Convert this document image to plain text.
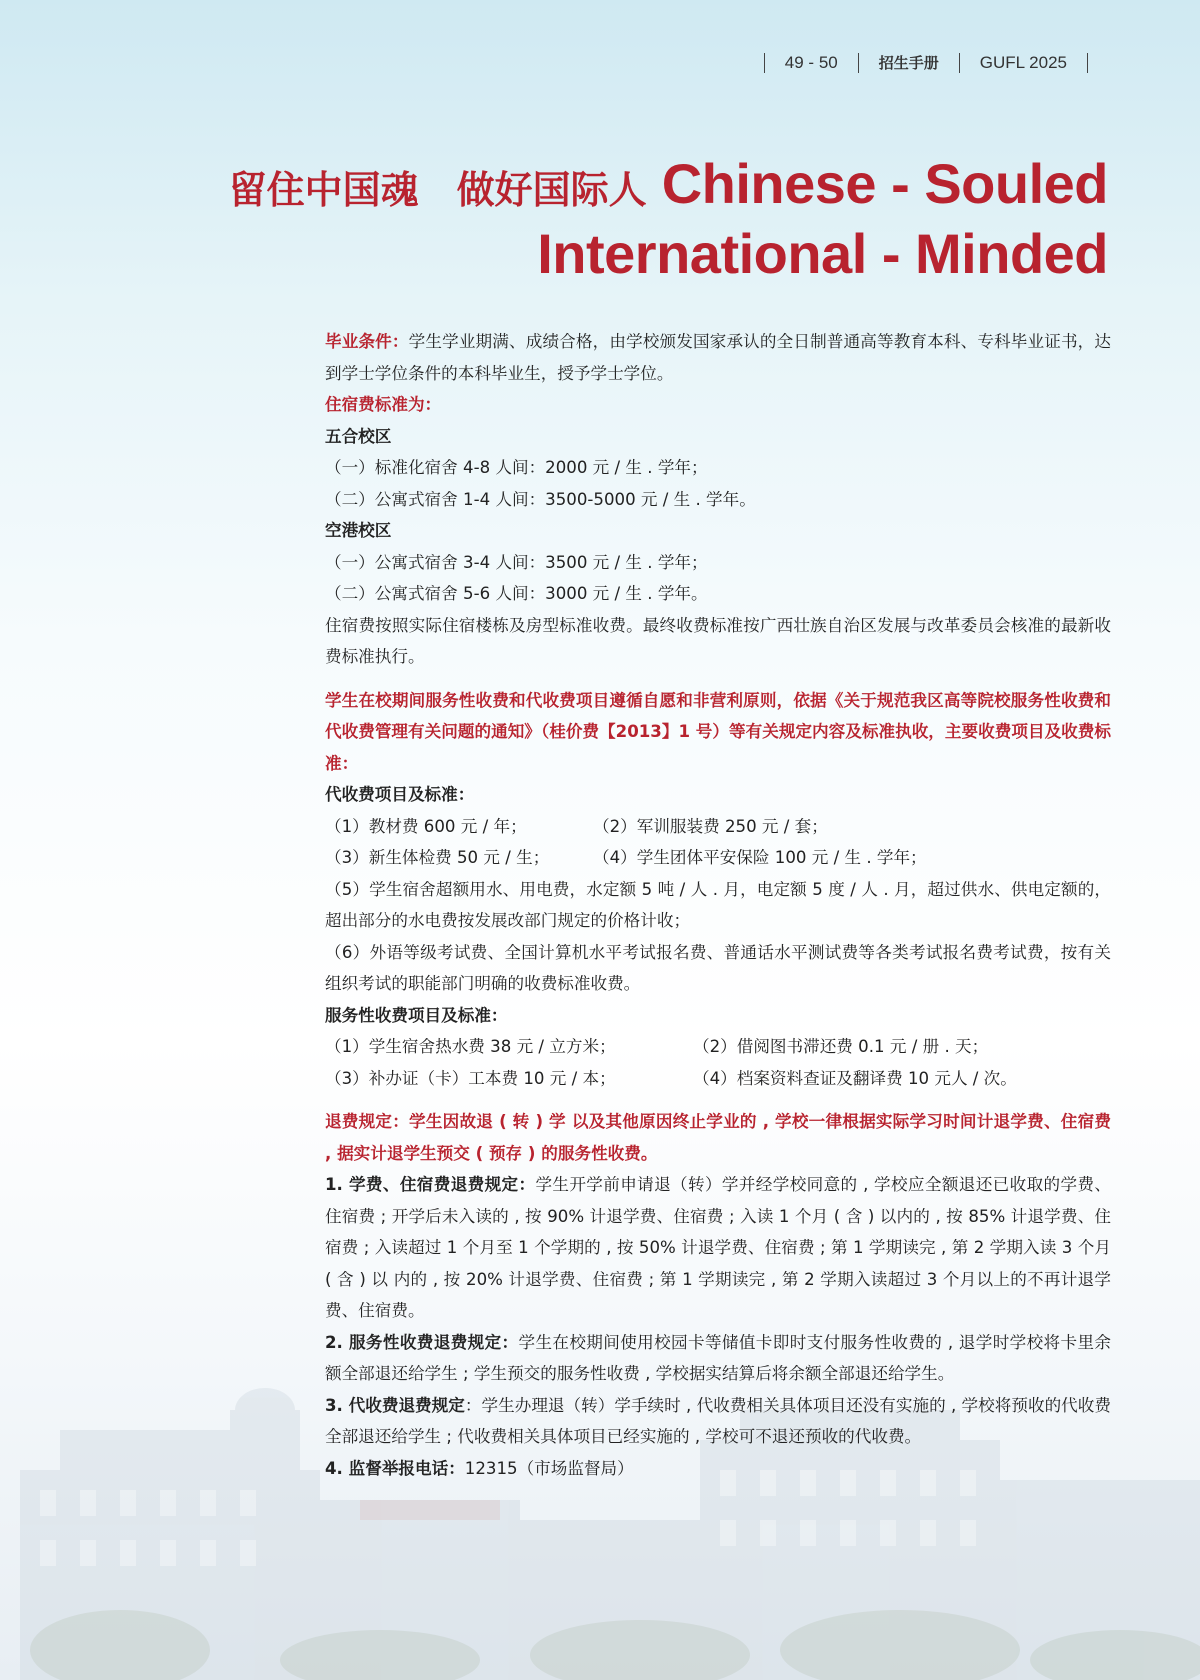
49 - 50	招生手册 GUFL 2025
留住中国魂　做好国际人 Chinese - Souled
International - Minded

毕业条件：学生学业期满、成绩合格，由学校颁发国家承认的全日制普通高等教育本科、专科毕业证书，达到学士学位条件的本科毕业生，授予学士学位。

住宿费标准为：

五合校区

（一）标准化宿舍 4-8 人间：2000 元 / 生 . 学年；

（二）公寓式宿舍 1-4 人间：3500-5000 元 / 生 . 学年。

空港校区

（一）公寓式宿舍 3-4 人间：3500 元 / 生 . 学年；

（二）公寓式宿舍 5-6 人间：3000 元 / 生 . 学年。

住宿费按照实际住宿楼栋及房型标准收费。最终收费标准按广西壮族自治区发展与改革委员会核准的最新收费标准执行。

学生在校期间服务性收费和代收费项目遵循自愿和非营利原则，依据《关于规范我区高等院校服务性收费和代收费管理有关问题的通知》（桂价费【2013】1 号）等有关规定内容及标准执收，主要收费项目及收费标准：

代收费项目及标准：

（1）教材费 600 元 / 年；	（2）军训服装费 250 元 / 套；

（3）新生体检费 50 元 / 生；	（4）学生团体平安保险 100 元 / 生 . 学年；

（5）学生宿舍超额用水、用电费，水定额 5 吨 / 人 . 月，电定额 5 度 / 人 . 月，超过供水、供电定额的，超出部分的水电费按发展改部门规定的价格计收；

（6）外语等级考试费、全国计算机水平考试报名费、普通话水平测试费等各类考试报名费考试费，按有关组织考试的职能部门明确的收费标准收费。

服务性收费项目及标准：

（1）学生宿舍热水费 38 元 / 立方米；	（2）借阅图书滞还费 0.1 元 / 册 . 天；

（3）补办证（卡）工本费 10 元 / 本；	（4）档案资料查证及翻译费 10 元人 / 次。

退费规定：学生因故退 ( 转 ) 学 以及其他原因终止学业的 , 学校一律根据实际学习时间计退学费、住宿费 , 据实计退学生预交 ( 预存 ) 的服务性收费。

1. 学费、住宿费退费规定：学生开学前申请退（转）学并经学校同意的 , 学校应全额退还已收取的学费、住宿费 ; 开学后未入读的 , 按 90% 计退学费、住宿费 ; 入读 1 个月 ( 含 ) 以内的 , 按 85% 计退学费、住宿费 ; 入读超过 1 个月至 1 个学期的 , 按 50% 计退学费、住宿费 ; 第 1 学期读完 , 第 2 学期入读 3 个月 ( 含 ) 以 内的 , 按 20% 计退学费、住宿费 ; 第 1 学期读完 , 第 2 学期入读超过 3 个月以上的不再计退学费、住宿费。

2. 服务性收费退费规定：学生在校期间使用校园卡等储值卡即时支付服务性收费的 , 退学时学校将卡里余额全部退还给学生 ; 学生预交的服务性收费 , 学校据实结算后将余额全部退还给学生。

3. 代收费退费规定：学生办理退（转）学手续时 , 代收费相关具体项目还没有实施的 , 学校将预收的代收费全部退还给学生 ; 代收费相关具体项目已经实施的 , 学校可不退还预收的代收费。

4. 监督举报电话：12315（市场监督局）
